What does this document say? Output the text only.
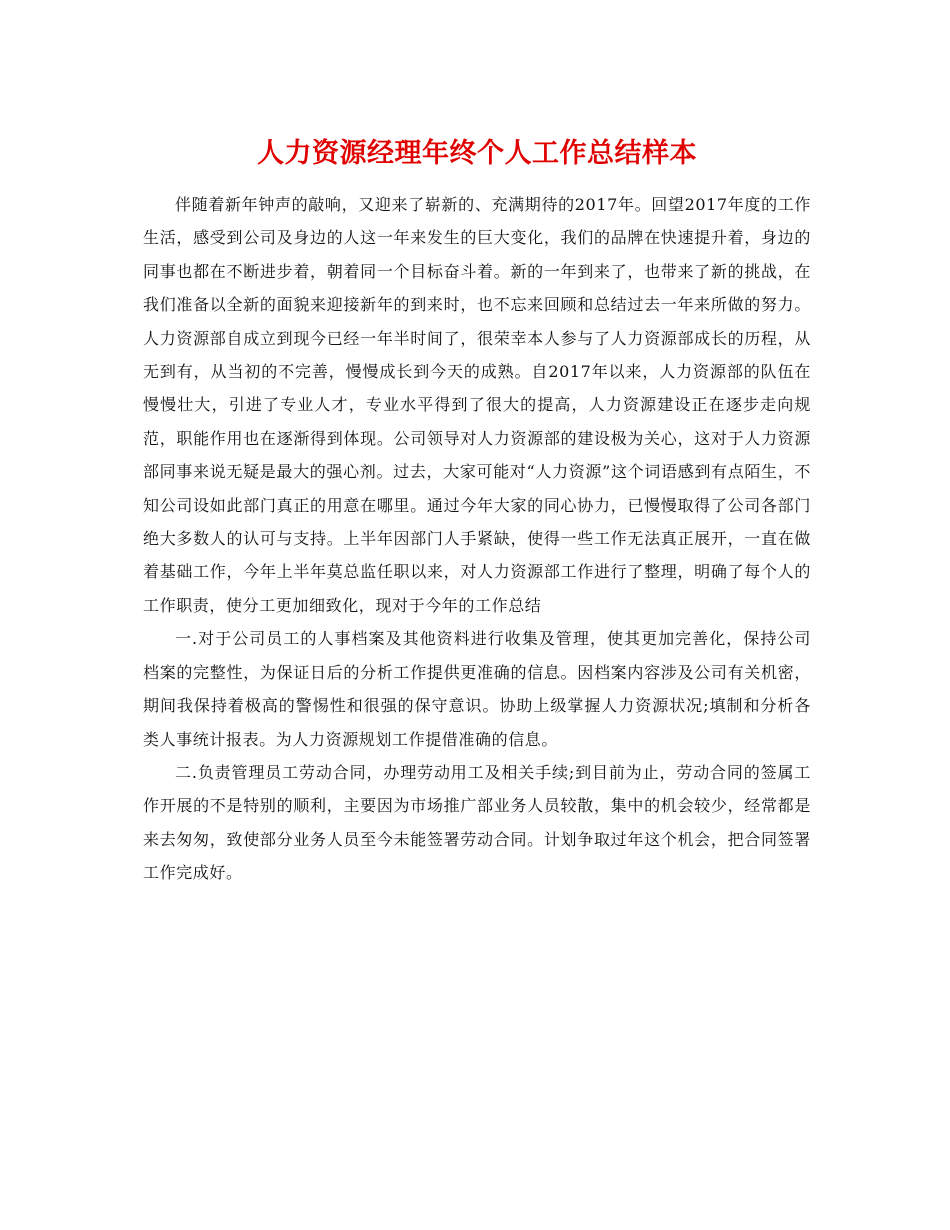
人力资源经理年终个人工作总结样本

伴随着新年钟声的敲响，又迎来了崭新的、充满期待的2017年。回望2017年度的工作生活，感受到公司及身边的人这一年来发生的巨大变化，我们的品牌在快速提升着，身边的同事也都在不断进步着，朝着同一个目标奋斗着。新的一年到来了，也带来了新的挑战，在我们准备以全新的面貌来迎接新年的到来时，也不忘来回顾和总结过去一年来所做的努力。人力资源部自成立到现今已经一年半时间了，很荣幸本人参与了人力资源部成长的历程，从无到有，从当初的不完善，慢慢成长到今天的成熟。自2017年以来，人力资源部的队伍在慢慢壮大，引进了专业人才，专业水平得到了很大的提高，人力资源建设正在逐步走向规范，职能作用也在逐渐得到体现。公司领导对人力资源部的建设极为关心，这对于人力资源部同事来说无疑是最大的强心剂。过去，大家可能对“人力资源”这个词语感到有点陌生，不知公司设如此部门真正的用意在哪里。通过今年大家的同心协力，已慢慢取得了公司各部门绝大多数人的认可与支持。上半年因部门人手紧缺，使得一些工作无法真正展开，一直在做着基础工作，今年上半年莫总监任职以来，对人力资源部工作进行了整理，明确了每个人的工作职责，使分工更加细致化，现对于今年的工作总结

一.对于公司员工的人事档案及其他资料进行收集及管理，使其更加完善化，保持公司档案的完整性，为保证日后的分析工作提供更准确的信息。因档案内容涉及公司有关机密，期间我保持着极高的警惕性和很强的保守意识。协助上级掌握人力资源状况;填制和分析各类人事统计报表。为人力资源规划工作提借准确的信息。

二.负责管理员工劳动合同，办理劳动用工及相关手续;到目前为止，劳动合同的签属工作开展的不是特别的顺利，主要因为市场推广部业务人员较散，集中的机会较少，经常都是来去匆匆，致使部分业务人员至今未能签署劳动合同。计划争取过年这个机会，把合同签署工作完成好。
